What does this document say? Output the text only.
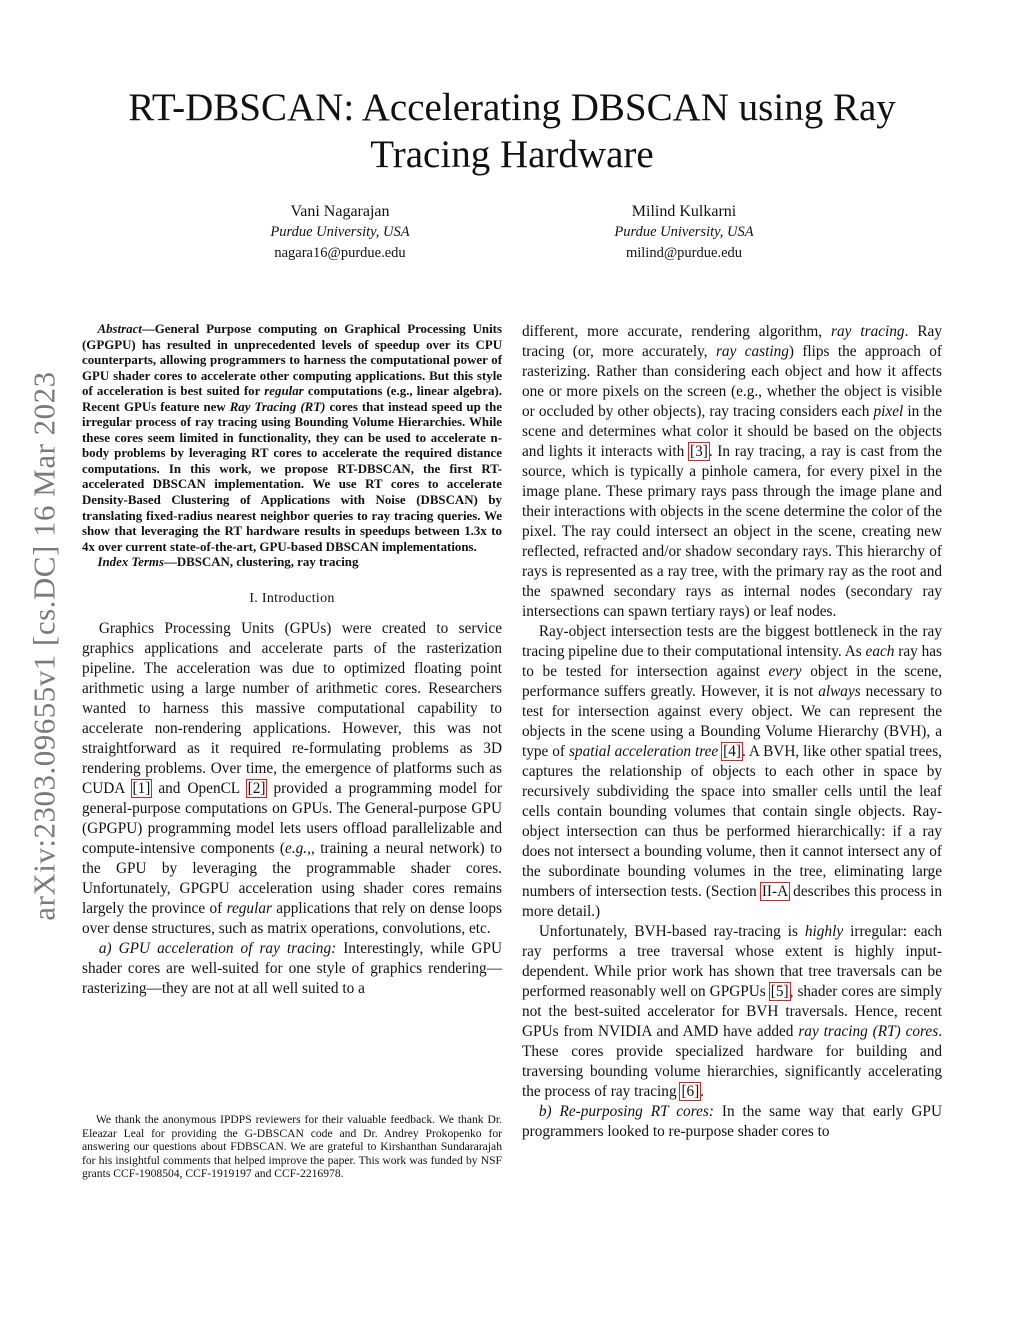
arXiv:2303.09655v1 [cs.DC] 16 Mar 2023
RT-DBSCAN: Accelerating DBSCAN using Ray Tracing Hardware
Vani Nagarajan
Purdue University, USA
nagara16@purdue.edu
Milind Kulkarni
Purdue University, USA
milind@purdue.edu

Abstract—General Purpose computing on Graphical Processing Units (GPGPU) has resulted in unprecedented levels of speedup over its CPU counterparts, allowing programmers to harness the computational power of GPU shader cores to accelerate other computing applications. But this style of acceleration is best suited for regular computations (e.g., linear algebra). Recent GPUs feature new Ray Tracing (RT) cores that instead speed up the irregular process of ray tracing using Bounding Volume Hierarchies. While these cores seem limited in functionality, they can be used to accelerate n-body problems by leveraging RT cores to accelerate the required distance computations. In this work, we propose RT-DBSCAN, the first RT-accelerated DBSCAN implementation. We use RT cores to accelerate Density-Based Clustering of Applications with Noise (DBSCAN) by translating fixed-radius nearest neighbor queries to ray tracing queries. We show that leveraging the RT hardware results in speedups between 1.3x to 4x over current state-of-the-art, GPU-based DBSCAN implementations.

Index Terms—DBSCAN, clustering, ray tracing

I. Introduction

Graphics Processing Units (GPUs) were created to service graphics applications and accelerate parts of the rasterization pipeline. The acceleration was due to optimized floating point arithmetic using a large number of arithmetic cores. Researchers wanted to harness this massive computational capability to accelerate non-rendering applications. However, this was not straightforward as it required re-formulating problems as 3D rendering problems. Over time, the emergence of platforms such as CUDA [1] and OpenCL [2] provided a programming model for general-purpose computations on GPUs. The General-purpose GPU (GPGPU) programming model lets users offload parallelizable and compute-intensive components (e.g.,, training a neural network) to the GPU by leveraging the programmable shader cores. Unfortunately, GPGPU acceleration using shader cores remains largely the province of regular applications that rely on dense loops over dense structures, such as matrix operations, convolutions, etc.

a) GPU acceleration of ray tracing: Interestingly, while GPU shader cores are well-suited for one style of graphics rendering—rasterizing—they are not at all well suited to a

We thank the anonymous IPDPS reviewers for their valuable feedback. We thank Dr. Eleazar Leal for providing the G-DBSCAN code and Dr. Andrey Prokopenko for answering our questions about FDBSCAN. We are grateful to Kirshanthan Sundararajah for his insightful comments that helped improve the paper. This work was funded by NSF grants CCF-1908504, CCF-1919197 and CCF-2216978.

different, more accurate, rendering algorithm, ray tracing. Ray tracing (or, more accurately, ray casting) flips the approach of rasterizing. Rather than considering each object and how it affects one or more pixels on the screen (e.g., whether the object is visible or occluded by other objects), ray tracing considers each pixel in the scene and determines what color it should be based on the objects and lights it interacts with [3]. In ray tracing, a ray is cast from the source, which is typically a pinhole camera, for every pixel in the image plane. These primary rays pass through the image plane and their interactions with objects in the scene determine the color of the pixel. The ray could intersect an object in the scene, creating new reflected, refracted and/or shadow secondary rays. This hierarchy of rays is represented as a ray tree, with the primary ray as the root and the spawned secondary rays as internal nodes (secondary ray intersections can spawn tertiary rays) or leaf nodes.

Ray-object intersection tests are the biggest bottleneck in the ray tracing pipeline due to their computational intensity. As each ray has to be tested for intersection against every object in the scene, performance suffers greatly. However, it is not always necessary to test for intersection against every object. We can represent the objects in the scene using a Bounding Volume Hierarchy (BVH), a type of spatial acceleration tree [4]. A BVH, like other spatial trees, captures the relationship of objects to each other in space by recursively subdividing the space into smaller cells until the leaf cells contain bounding volumes that contain single objects. Ray-object intersection can thus be performed hierarchically: if a ray does not intersect a bounding volume, then it cannot intersect any of the subordinate bounding volumes in the tree, eliminating large numbers of intersection tests. (Section II-A describes this process in more detail.)

Unfortunately, BVH-based ray-tracing is highly irregular: each ray performs a tree traversal whose extent is highly input-dependent. While prior work has shown that tree traversals can be performed reasonably well on GPGPUs [5], shader cores are simply not the best-suited accelerator for BVH traversals. Hence, recent GPUs from NVIDIA and AMD have added ray tracing (RT) cores. These cores provide specialized hardware for building and traversing bounding volume hierarchies, significantly accelerating the process of ray tracing [6].

b) Re-purposing RT cores: In the same way that early GPU programmers looked to re-purpose shader cores to
